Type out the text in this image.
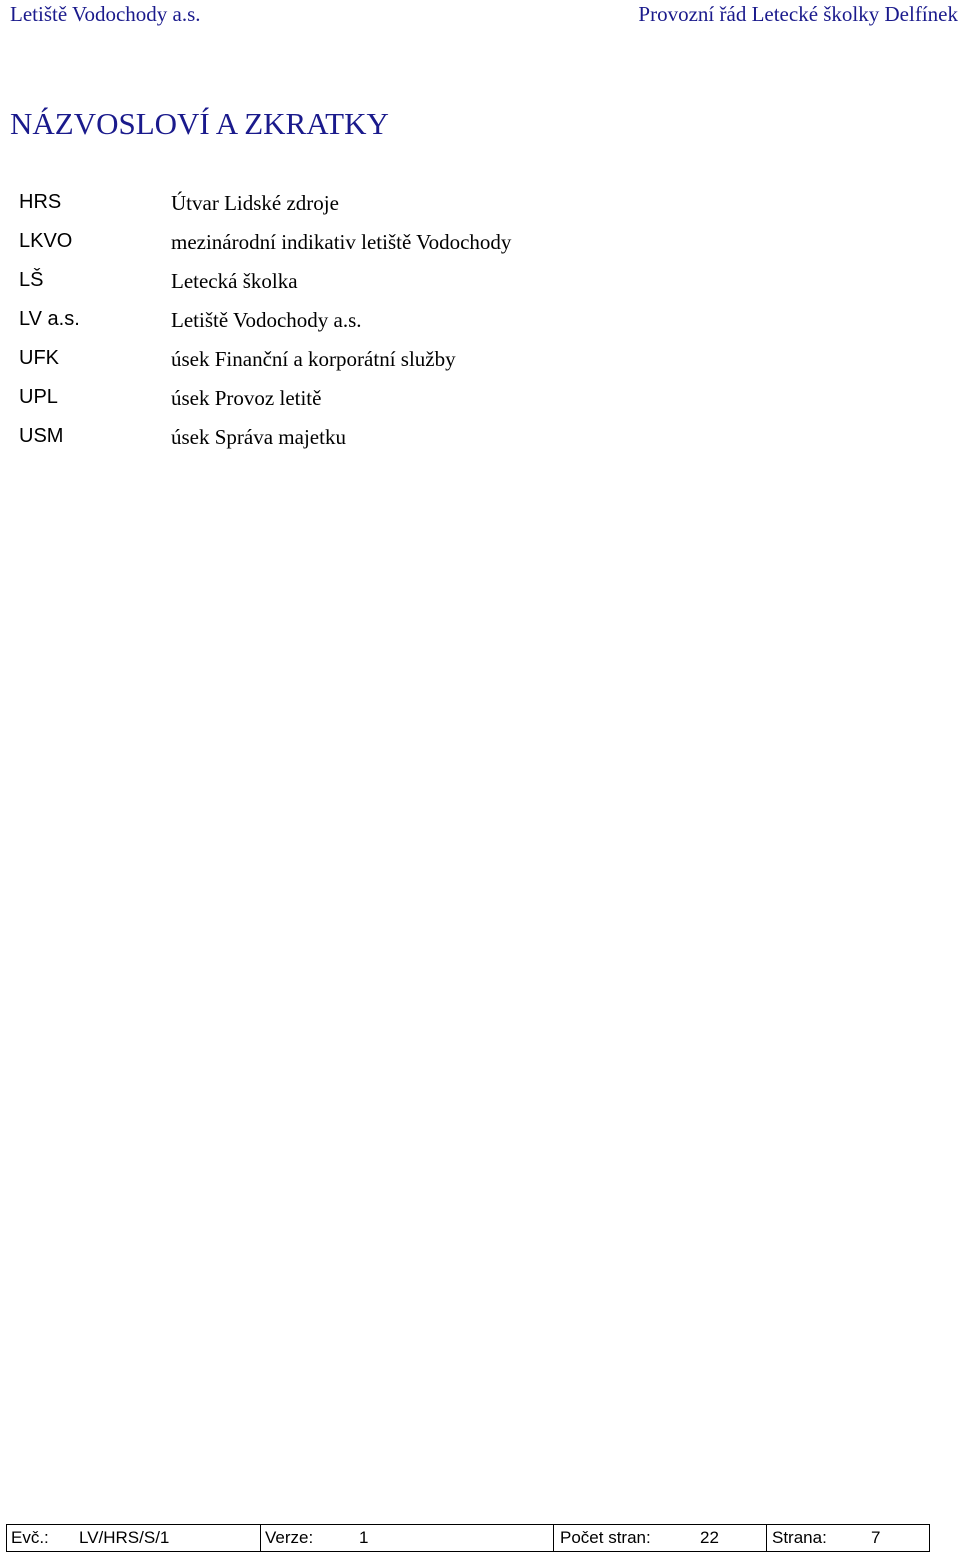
Letiště Vodochody a.s.	Provozní řád Letecké školky Delfínek
NÁZVOSLOVÍ A ZKRATKY
HRS	Útvar Lidské zdroje
LKVO	mezinárodní indikativ letiště Vodochody
LŠ	Letecká školka
LV a.s.	Letiště Vodochody a.s.
UFK	úsek Finanční a korporátní služby
UPL	úsek Provoz letitě
USM	úsek Správa majetku
Evč.: LV/HRS/S/1	Verze:	1	Počet stran:	22	Strana:	7
